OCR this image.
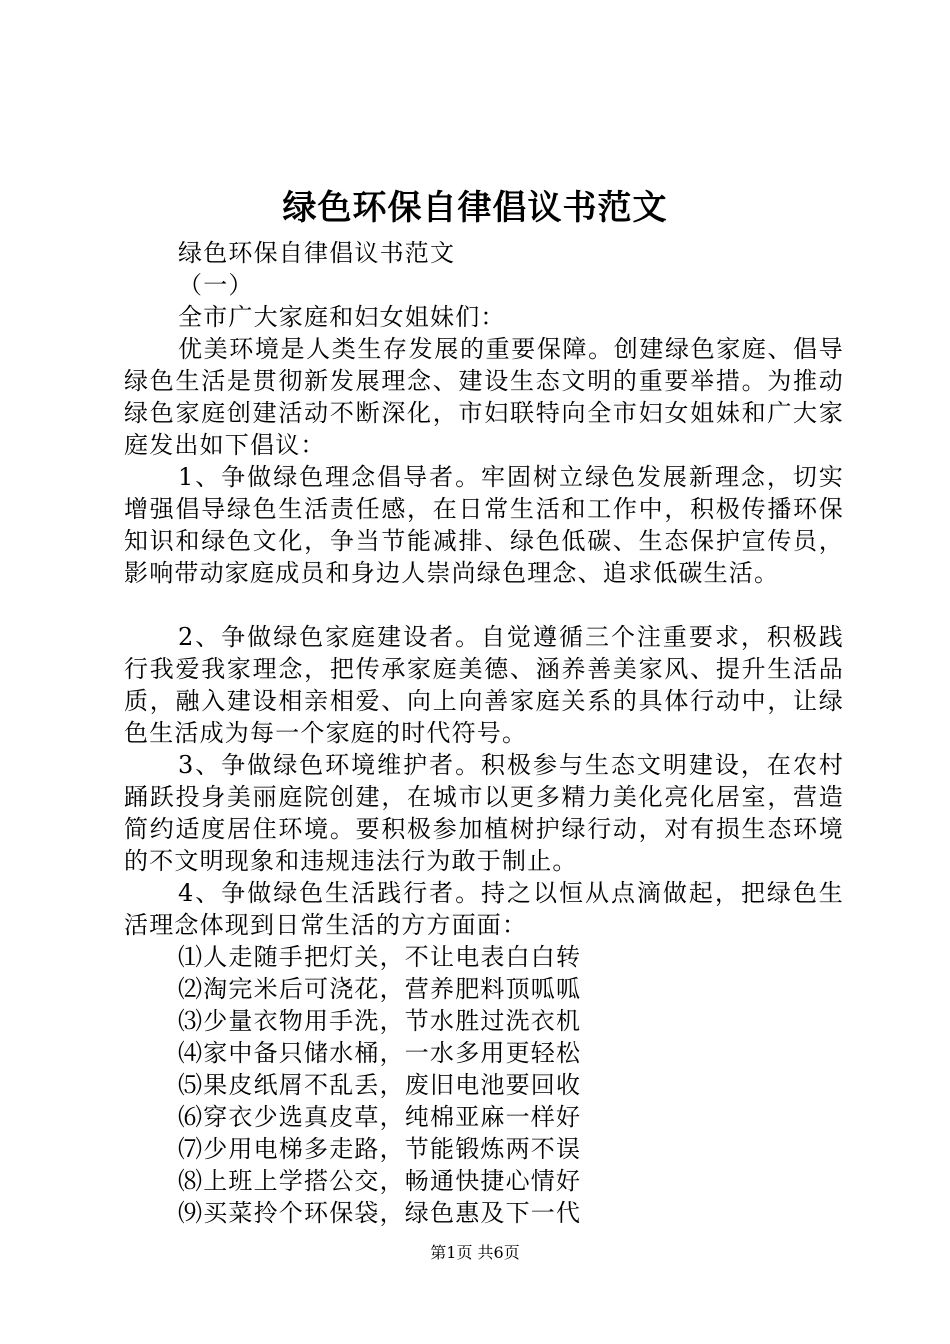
绿色环保自律倡议书范文

绿色环保自律倡议书范文

（一）

全市广大家庭和妇女姐妹们：

优美环境是人类生存发展的重要保障。创建绿色家庭、倡导绿色生活是贯彻新发展理念、建设生态文明的重要举措。为推动绿色家庭创建活动不断深化，市妇联特向全市妇女姐妹和广大家庭发出如下倡议：

1、争做绿色理念倡导者。牢固树立绿色发展新理念，切实增强倡导绿色生活责任感，在日常生活和工作中，积极传播环保知识和绿色文化，争当节能减排、绿色低碳、生态保护宣传员，影响带动家庭成员和身边人崇尚绿色理念、追求低碳生活。

2、争做绿色家庭建设者。自觉遵循三个注重要求，积极践行我爱我家理念，把传承家庭美德、涵养善美家风、提升生活品质，融入建设相亲相爱、向上向善家庭关系的具体行动中，让绿色生活成为每一个家庭的时代符号。

3、争做绿色环境维护者。积极参与生态文明建设，在农村踊跃投身美丽庭院创建，在城市以更多精力美化亮化居室，营造简约适度居住环境。要积极参加植树护绿行动，对有损生态环境的不文明现象和违规违法行为敢于制止。

4、争做绿色生活践行者。持之以恒从点滴做起，把绿色生活理念体现到日常生活的方方面面：

⑴人走随手把灯关，不让电表白白转

⑵淘完米后可浇花，营养肥料顶呱呱

⑶少量衣物用手洗，节水胜过洗衣机

⑷家中备只储水桶，一水多用更轻松

⑸果皮纸屑不乱丢，废旧电池要回收

⑹穿衣少选真皮草，纯棉亚麻一样好

⑺少用电梯多走路，节能锻炼两不误

⑻上班上学搭公交，畅通快捷心情好

⑼买菜拎个环保袋，绿色惠及下一代

第1页 共6页
